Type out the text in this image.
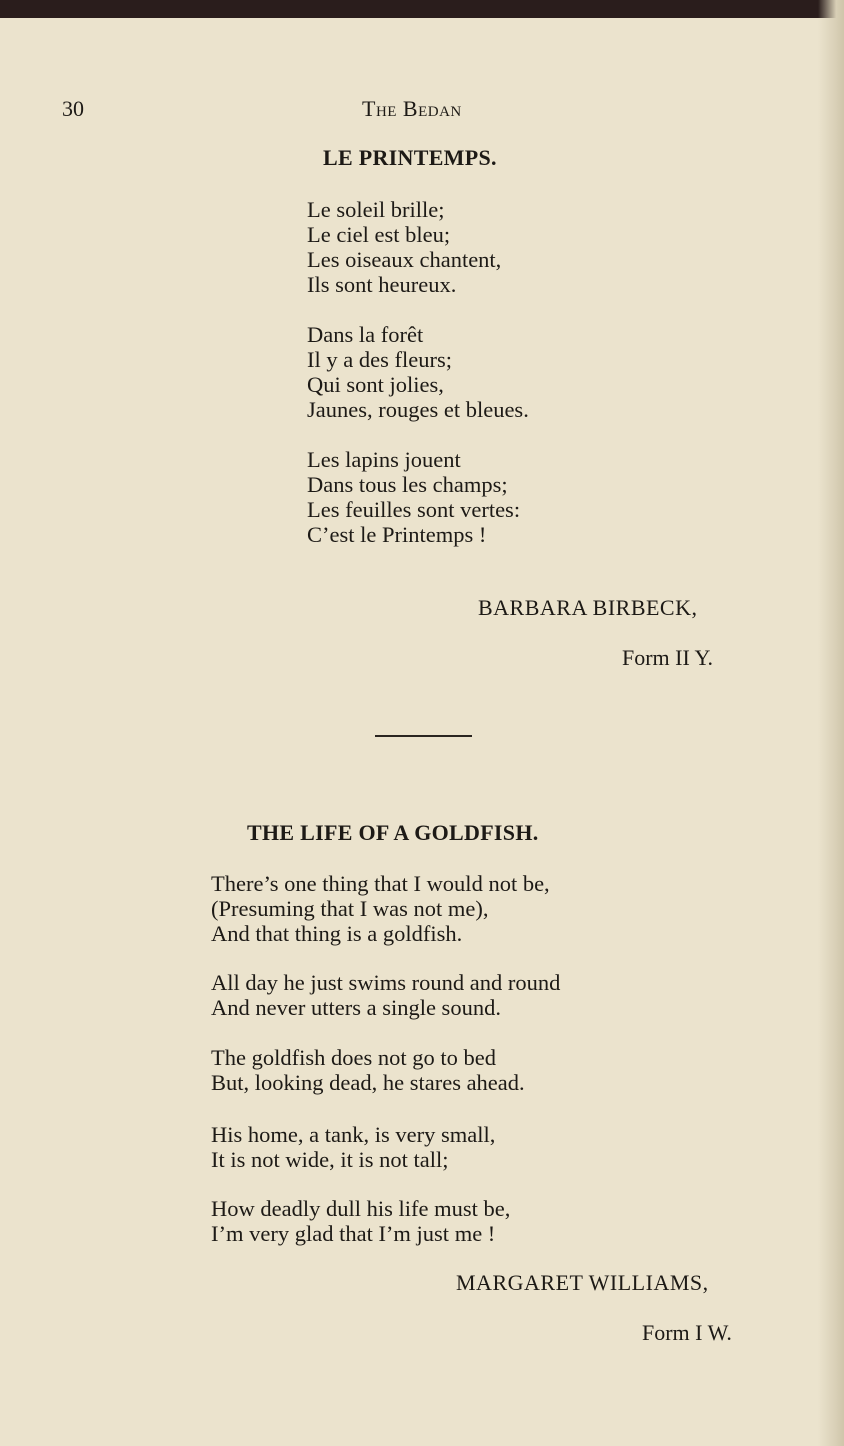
30	The Bedan
LE PRINTEMPS.
Le soleil brille;
Le ciel est bleu;
Les oiseaux chantent,
Ils sont heureux.
Dans la forêt
Il y a des fleurs;
Qui sont jolies,
Jaunes, rouges et bleues.
Les lapins jouent
Dans tous les champs;
Les feuilles sont vertes:
C’est le Printemps !
BARBARA BIRBECK,
Form II Y.
THE LIFE OF A GOLDFISH.
There’s one thing that I would not be,
(Presuming that I was not me),
And that thing is a goldfish.
All day he just swims round and round
And never utters a single sound.
The goldfish does not go to bed
But, looking dead, he stares ahead.
His home, a tank, is very small,
It is not wide, it is not tall;
How deadly dull his life must be,
I’m very glad that I’m just me !
MARGARET WILLIAMS,
Form I W.
